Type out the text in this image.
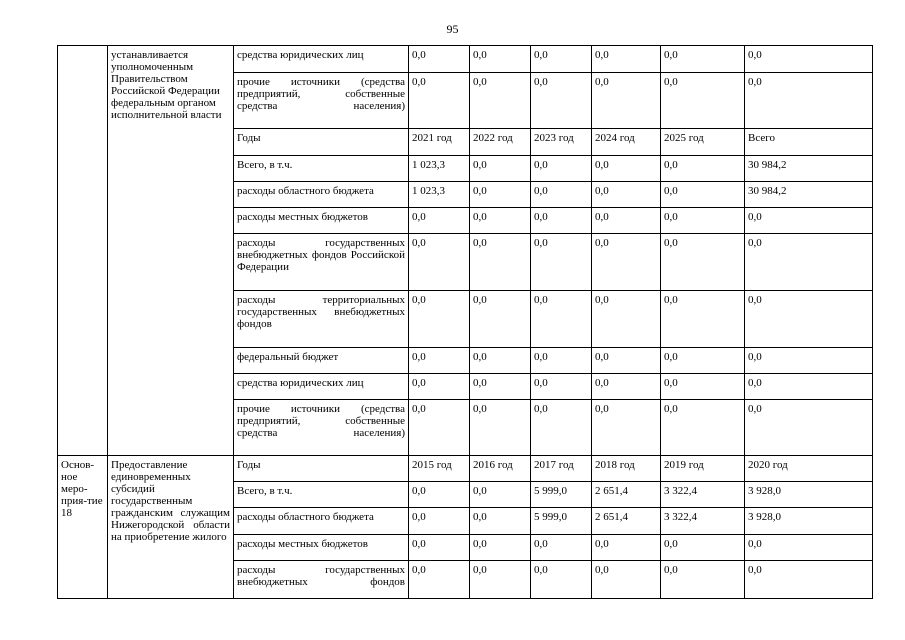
95
	устанавливается уполномоченным Правительством Российской Федерации федеральным органом исполнительной власти	средства юридических лиц	0,0	0,0	0,0	0,0	0,0	0,0
		прочие источники (средства предприятий, собственные средства населения)	0,0	0,0	0,0	0,0	0,0	0,0
		Годы	2021 год	2022 год	2023 год	2024 год	2025 год	Всего
		Всего, в т.ч.	1 023,3	0,0	0,0	0,0	0,0	30 984,2
		расходы областного бюджета	1 023,3	0,0	0,0	0,0	0,0	30 984,2
		расходы местных бюджетов	0,0	0,0	0,0	0,0	0,0	0,0
		расходы государственных внебюджетных фондов Российской Федерации	0,0	0,0	0,0	0,0	0,0	0,0
		расходы территориальных государственных внебюджетных фондов	0,0	0,0	0,0	0,0	0,0	0,0
		федеральный бюджет	0,0	0,0	0,0	0,0	0,0	0,0
		средства юридических лиц	0,0	0,0	0,0	0,0	0,0	0,0
		прочие источники (средства предприятий, собственные средства населения)	0,0	0,0	0,0	0,0	0,0	0,0
Основ-ное меро-прия-тие 18	Предоставление единовременных субсидий государственным гражданским служащим Нижегородской области на приобретение жилого	Годы	2015 год	2016 год	2017 год	2018 год	2019 год	2020 год
		Всего, в т.ч.	0,0	0,0	5 999,0	2 651,4	3 322,4	3 928,0
		расходы областного бюджета	0,0	0,0	5 999,0	2 651,4	3 322,4	3 928,0
		расходы местных бюджетов	0,0	0,0	0,0	0,0	0,0	0,0
		расходы государственных внебюджетных фондов	0,0	0,0	0,0	0,0	0,0	0,0
